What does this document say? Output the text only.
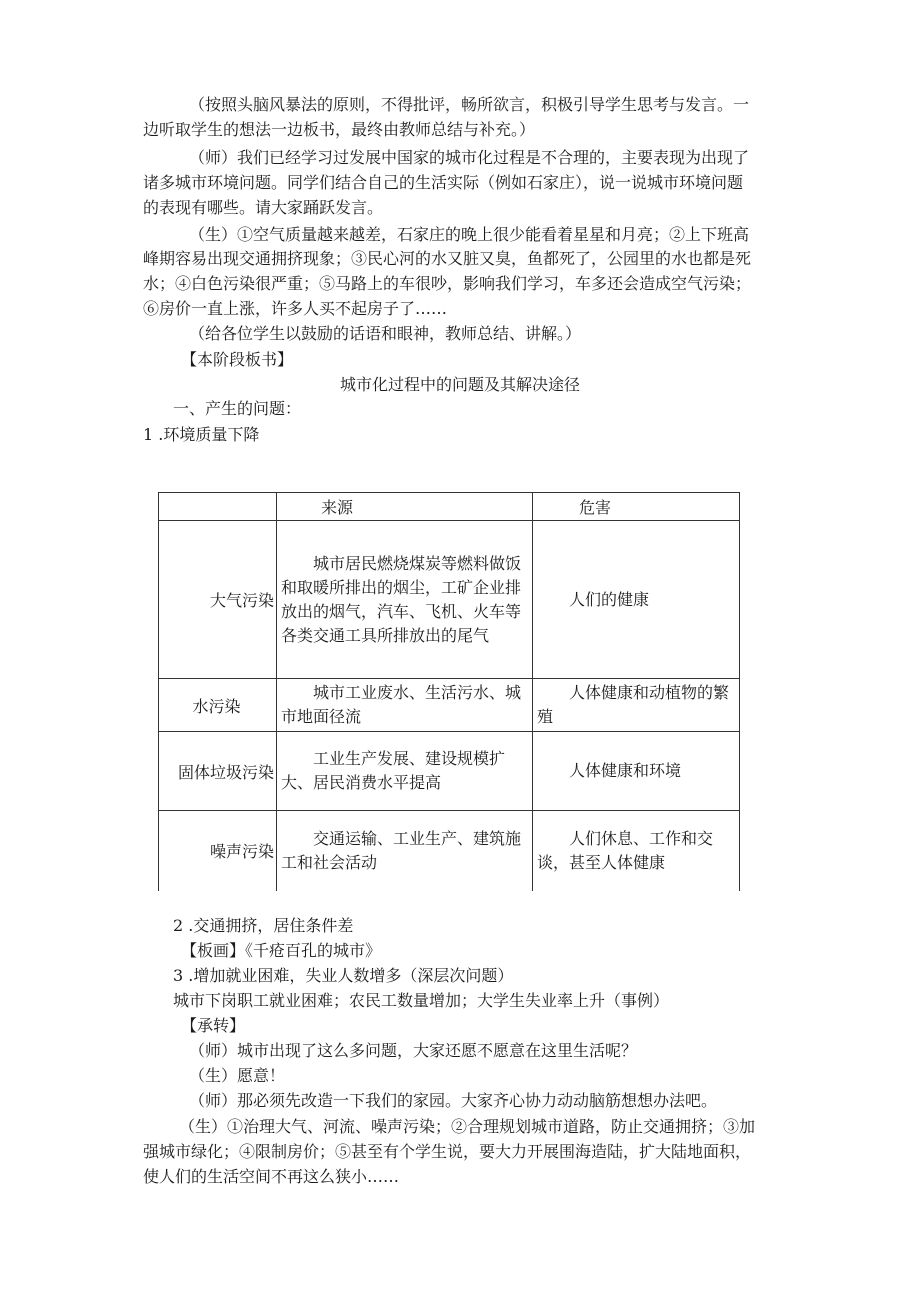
（按照头脑风暴法的原则，不得批评，畅所欲言，积极引导学生思考与发言。一
边听取学生的想法一边板书，最终由教师总结与补充。）
（师）我们已经学习过发展中国家的城市化过程是不合理的，主要表现为出现了
诸多城市环境问题。同学们结合自己的生活实际（例如石家庄），说一说城市环境问题
的表现有哪些。请大家踊跃发言。
（生）①空气质量越来越差，石家庄的晚上很少能看着星星和月亮；②上下班高
峰期容易出现交通拥挤现象；③民心河的水又脏又臭，鱼都死了，公园里的水也都是死
水；④白色污染很严重；⑤马路上的车很吵，影响我们学习，车多还会造成空气污染；
⑥房价一直上涨，许多人买不起房子了……
（给各位学生以鼓励的话语和眼神，教师总结、讲解。）
【本阶段板书】
城市化过程中的问题及其解决途径
一、产生的问题：
1 .环境质量下降
	来源	危害
大气污染	城市居民燃烧煤炭等燃料做饭和取暖所排出的烟尘，工矿企业排放出的烟气，汽车、飞机、火车等各类交通工具所排放出的尾气	人们的健康
水污染	城市工业废水、生活污水、城市地面径流	人体健康和动植物的繁殖
固体垃圾污染	工业生产发展、建设规模扩大、居民消费水平提高	人体健康和环境
噪声污染	交通运输、工业生产、建筑施工和社会活动	人们休息、工作和交谈，甚至人体健康
2 .交通拥挤，居住条件差
【板画】《千疮百孔的城市》
3 .增加就业困难，失业人数增多（深层次问题）
城市下岗职工就业困难；农民工数量增加；大学生失业率上升（事例）
【承转】
（师）城市出现了这么多问题，大家还愿不愿意在这里生活呢？
（生）愿意！
（师）那必须先改造一下我们的家园。大家齐心协力动动脑筋想想办法吧。
（生）①治理大气、河流、噪声污染；②合理规划城市道路，防止交通拥挤；③加
强城市绿化；④限制房价；⑤甚至有个学生说，要大力开展围海造陆，扩大陆地面积，
使人们的生活空间不再这么狭小……
